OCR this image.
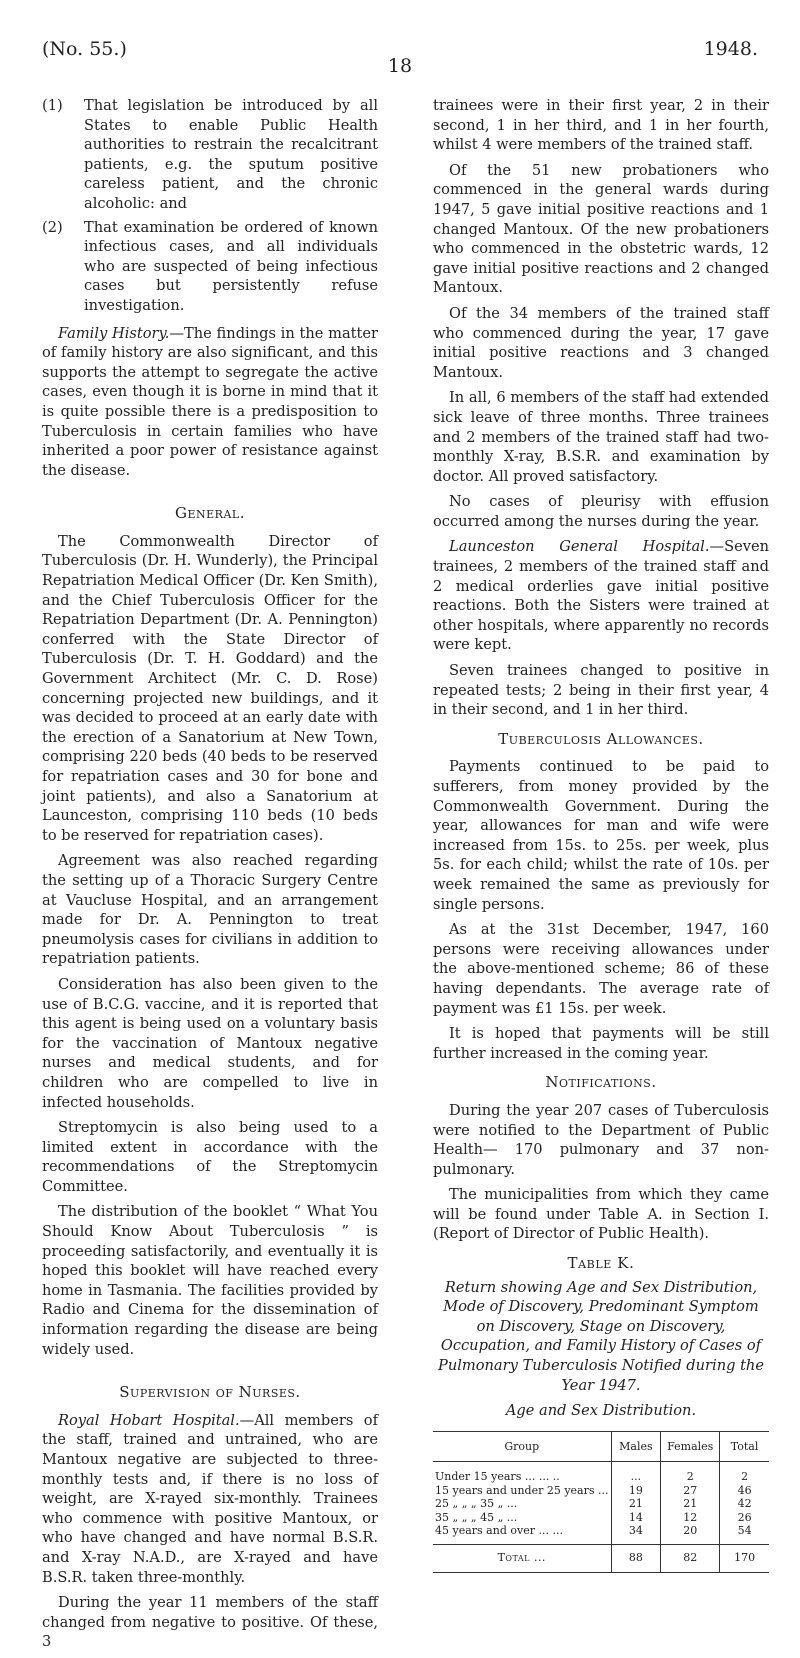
(No. 55.)
18
1948.
(1) That legislation be introduced by all States to enable Public Health authorities to restrain the recalcitrant patients, e.g. the sputum positive careless patient, and the chronic alcoholic: and
(2) That examination be ordered of known infectious cases, and all individuals who are suspected of being infectious cases but persistently refuse investigation.

Family History.—The findings in the matter of family history are also significant, and this supports the attempt to segregate the active cases, even though it is borne in mind that it is quite possible there is a predisposition to Tuberculosis in certain families who have inherited a poor power of resistance against the disease.

General.

The Commonwealth Director of Tuberculosis (Dr. H. Wunderly), the Principal Repatriation Medical Officer (Dr. Ken Smith), and the Chief Tuberculosis Officer for the Repatriation Department (Dr. A. Pennington) conferred with the State Director of Tuberculosis (Dr. T. H. Goddard) and the Government Architect (Mr. C. D. Rose) concerning projected new buildings, and it was decided to proceed at an early date with the erection of a Sanatorium at New Town, comprising 220 beds (40 beds to be reserved for repatriation cases and 30 for bone and joint patients), and also a Sanatorium at Launceston, comprising 110 beds (10 beds to be reserved for repatriation cases).

Agreement was also reached regarding the setting up of a Thoracic Surgery Centre at Vaucluse Hospital, and an arrangement made for Dr. A. Pennington to treat pneumolysis cases for civilians in addition to repatriation patients.

Consideration has also been given to the use of B.C.G. vaccine, and it is reported that this agent is being used on a voluntary basis for the vaccination of Mantoux negative nurses and medical students, and for children who are compelled to live in infected households.

Streptomycin is also being used to a limited extent in accordance with the recommendations of the Streptomycin Committee.

The distribution of the booklet “ What You Should Know About Tuberculosis ” is proceeding satisfactorily, and eventually it is hoped this booklet will have reached every home in Tasmania. The facilities provided by Radio and Cinema for the dissemination of information regarding the disease are being widely used.

Supervision of Nurses.

Royal Hobart Hospital.—All members of the staff, trained and untrained, who are Mantoux negative are subjected to three-monthly tests and, if there is no loss of weight, are X-rayed six-monthly. Trainees who commence with positive Mantoux, or who have changed and have normal B.S.R. and X-ray N.A.D., are X-rayed and have B.S.R. taken three-monthly.

During the year 11 members of the staff changed from negative to positive. Of these, 3

trainees were in their first year, 2 in their second, 1 in her third, and 1 in her fourth, whilst 4 were members of the trained staff.

Of the 51 new probationers who commenced in the general wards during 1947, 5 gave initial positive reactions and 1 changed Mantoux. Of the new probationers who commenced in the obstetric wards, 12 gave initial positive reactions and 2 changed Mantoux.

Of the 34 members of the trained staff who commenced during the year, 17 gave initial positive reactions and 3 changed Mantoux.

In all, 6 members of the staff had extended sick leave of three months. Three trainees and 2 members of the trained staff had two-monthly X-ray, B.S.R. and examination by doctor. All proved satisfactory.

No cases of pleurisy with effusion occurred among the nurses during the year.

Launceston General Hospital.—Seven trainees, 2 members of the trained staff and 2 medical orderlies gave initial positive reactions. Both the Sisters were trained at other hospitals, where apparently no records were kept.

Seven trainees changed to positive in repeated tests; 2 being in their first year, 4 in their second, and 1 in her third.

Tuberculosis Allowances.

Payments continued to be paid to sufferers, from money provided by the Commonwealth Government. During the year, allowances for man and wife were increased from 15s. to 25s. per week, plus 5s. for each child; whilst the rate of 10s. per week remained the same as previously for single persons.

As at the 31st December, 1947, 160 persons were receiving allowances under the above-mentioned scheme; 86 of these having dependants. The average rate of payment was £1 15s. per week.

It is hoped that payments will be still further increased in the coming year.

Notifications.

During the year 207 cases of Tuberculosis were notified to the Department of Public Health— 170 pulmonary and 37 non-pulmonary.

The municipalities from which they came will be found under Table A. in Section I. (Report of Director of Public Health).

Table K.
Return showing Age and Sex Distribution, Mode of Discovery, Predominant Symptom on Discovery, Stage on Discovery, Occupation, and Family History of Cases of Pulmonary Tuberculosis Notified during the Year 1947.
Age and Sex Distribution.
Group	Males	Females	Total
Under 15 years ... ... ..	...	2	2
15 years and under 25 years ...	19	27	46
25 „ „ „ 35 „ ...	21	21	42
35 „ „ „ 45 „ ...	14	12	26
45 years and over ... ...	34	20	54
Total ...	88	82	170
